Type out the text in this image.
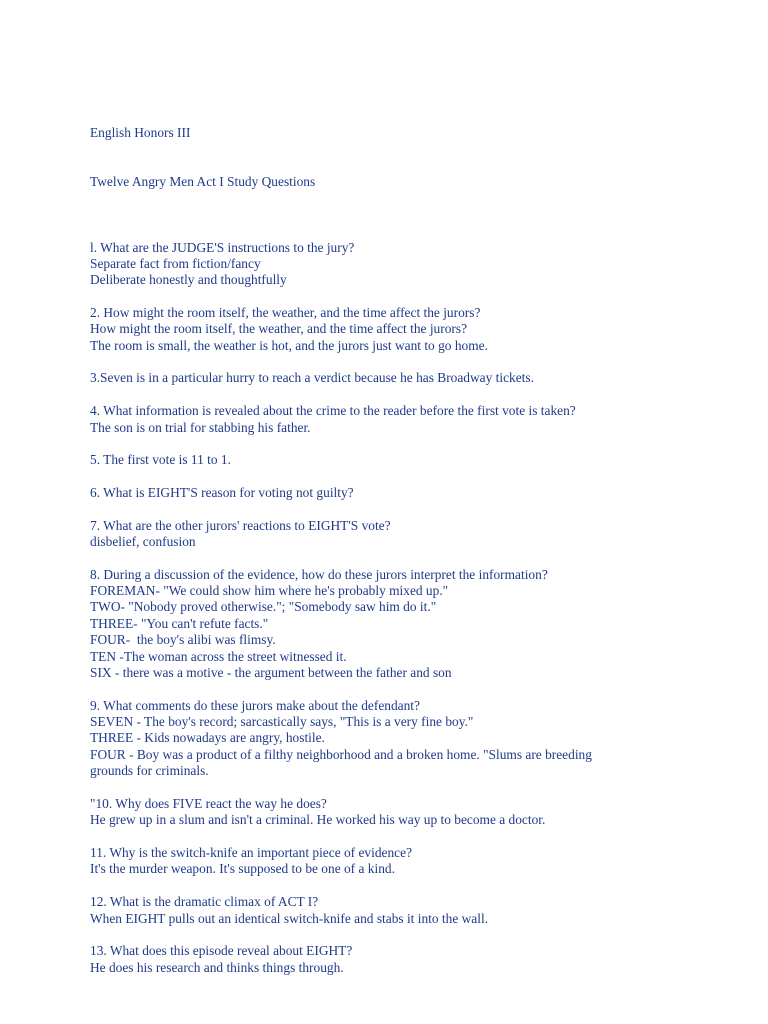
English Honors III

Twelve Angry Men Act I Study Questions

l. What are the JUDGE'S instructions to the jury?
Separate fact from fiction/fancy
Deliberate honestly and thoughtfully
2. How might the room itself, the weather, and the time affect the jurors?
How might the room itself, the weather, and the time affect the jurors?
The room is small, the weather is hot, and the jurors just want to go home.
3.Seven is in a particular hurry to reach a verdict because he has Broadway tickets.
4. What information is revealed about the crime to the reader before the first vote is taken?
The son is on trial for stabbing his father.
5. The first vote is 11 to 1.
6. What is EIGHT'S reason for voting not guilty?
7. What are the other jurors' reactions to EIGHT'S vote?
disbelief, confusion
8. During a discussion of the evidence, how do these jurors interpret the information?
FOREMAN- "We could show him where he's probably mixed up."
TWO- "Nobody proved otherwise."; "Somebody saw him do it."
THREE- "You can't refute facts."
FOUR-  the boy's alibi was flimsy.
TEN -The woman across the street witnessed it.
SIX - there was a motive - the argument between the father and son
9. What comments do these jurors make about the defendant?
SEVEN - The boy's record; sarcastically says, "This is a very fine boy."
THREE - Kids nowadays are angry, hostile.
FOUR - Boy was a product of a filthy neighborhood and a broken home. "Slums are breeding
grounds for criminals.
"10. Why does FIVE react the way he does?
He grew up in a slum and isn't a criminal. He worked his way up to become a doctor.
11. Why is the switch-knife an important piece of evidence?
It's the murder weapon. It's supposed to be one of a kind.
12. What is the dramatic climax of ACT I?
When EIGHT pulls out an identical switch-knife and stabs it into the wall.
13. What does this episode reveal about EIGHT?
He does his research and thinks things through.
